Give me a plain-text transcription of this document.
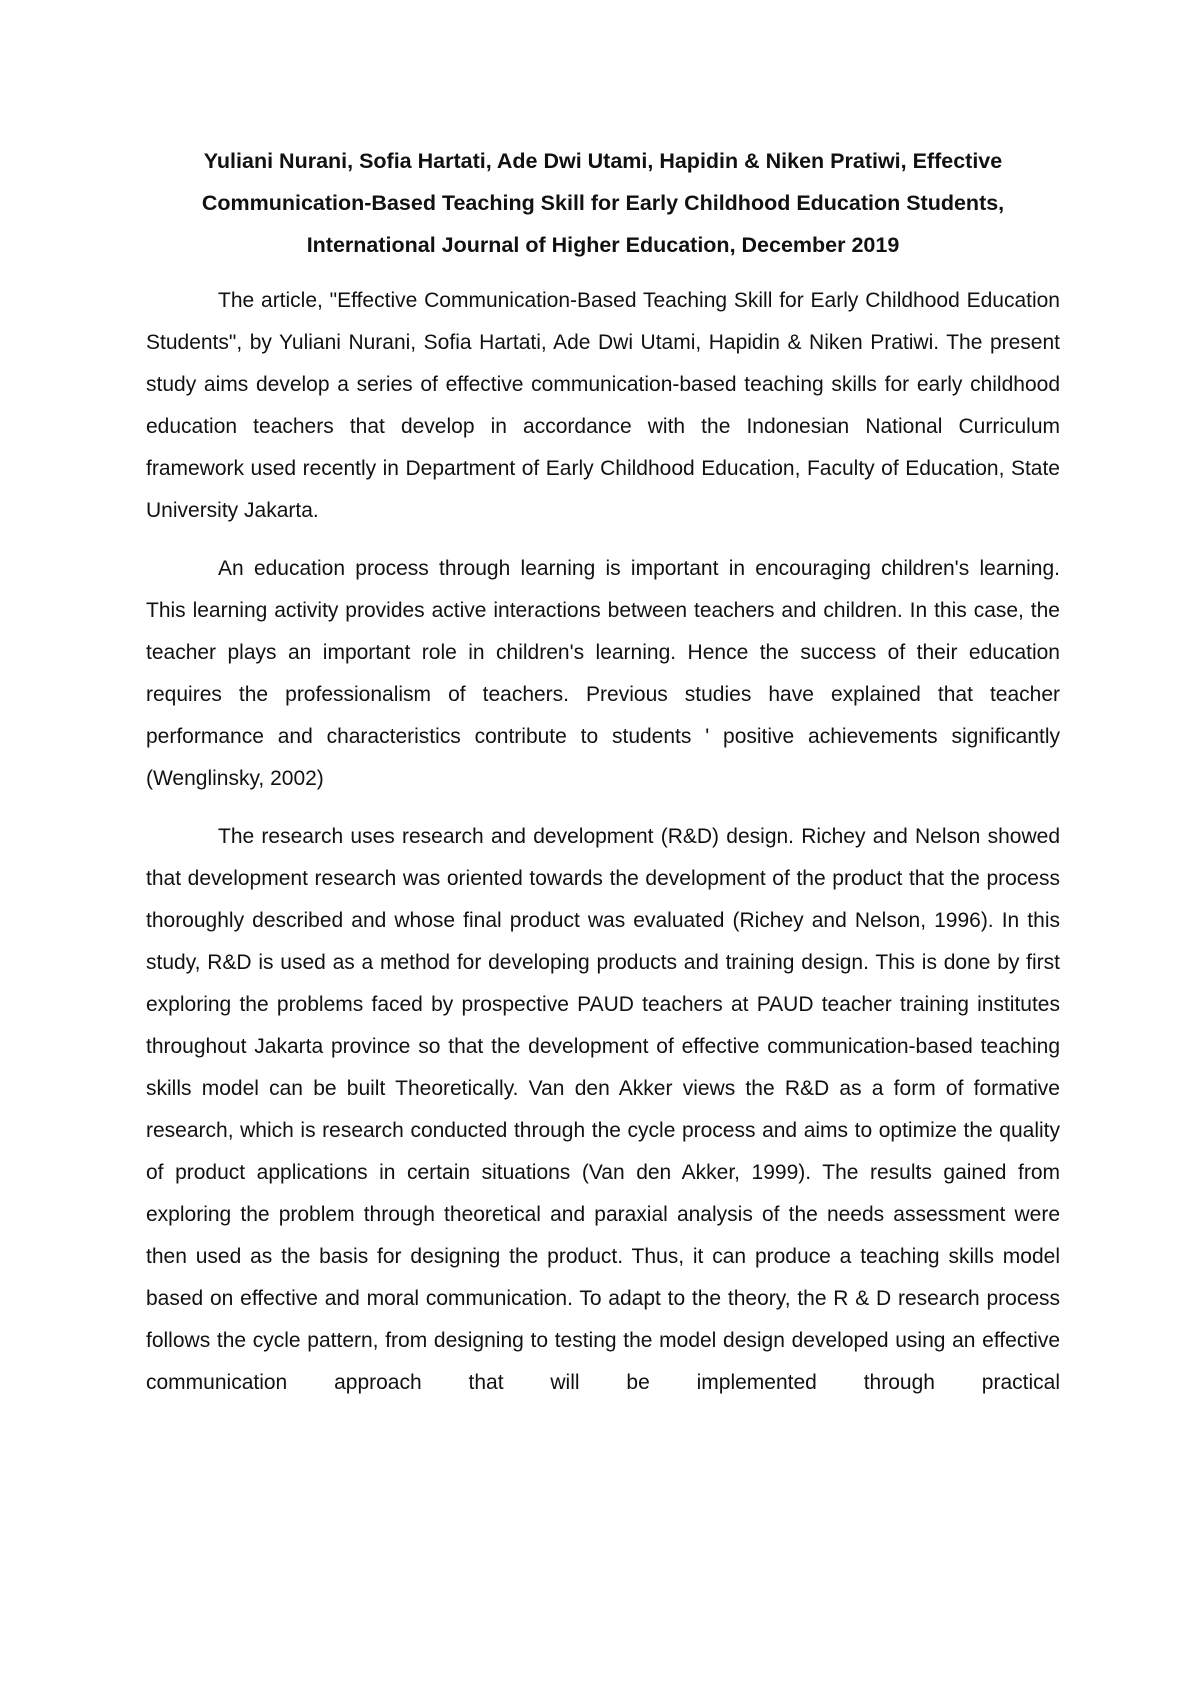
Yuliani Nurani, Sofia Hartati, Ade Dwi Utami, Hapidin & Niken Pratiwi, Effective
Communication-Based Teaching Skill for Early Childhood Education Students,
International Journal of Higher Education, December 2019

The article, "Effective Communication-Based Teaching Skill for Early Childhood Education Students", by Yuliani Nurani, Sofia Hartati, Ade Dwi Utami, Hapidin & Niken Pratiwi. The present study aims develop a series of effective communication-based teaching skills for early childhood education teachers that develop in accordance with the Indonesian National Curriculum framework used recently in Department of Early Childhood Education, Faculty of Education, State University Jakarta.

An education process through learning is important in encouraging children's learning. This learning activity provides active interactions between teachers and children. In this case, the teacher plays an important role in children's learning. Hence the success of their education requires the professionalism of teachers. Previous studies have explained that teacher performance and characteristics contribute to students ' positive achievements significantly (Wenglinsky, 2002)

The research uses research and development (R&D) design. Richey and Nelson showed that development research was oriented towards the development of the product that the process thoroughly described and whose final product was evaluated (Richey and Nelson, 1996). In this study, R&D is used as a method for developing products and training design. This is done by first exploring the problems faced by prospective PAUD teachers at PAUD teacher training institutes throughout Jakarta province so that the development of effective communication-based teaching skills model can be built Theoretically. Van den Akker views the R&D as a form of formative research, which is research conducted through the cycle process and aims to optimize the quality of product applications in certain situations (Van den Akker, 1999). The results gained from exploring the problem through theoretical and paraxial analysis of the needs assessment were then used as the basis for designing the product. Thus, it can produce a teaching skills model based on effective and moral communication. To adapt to the theory, the R & D research process follows the cycle pattern, from designing to testing the model design developed using an effective communication approach that will be implemented through practical
